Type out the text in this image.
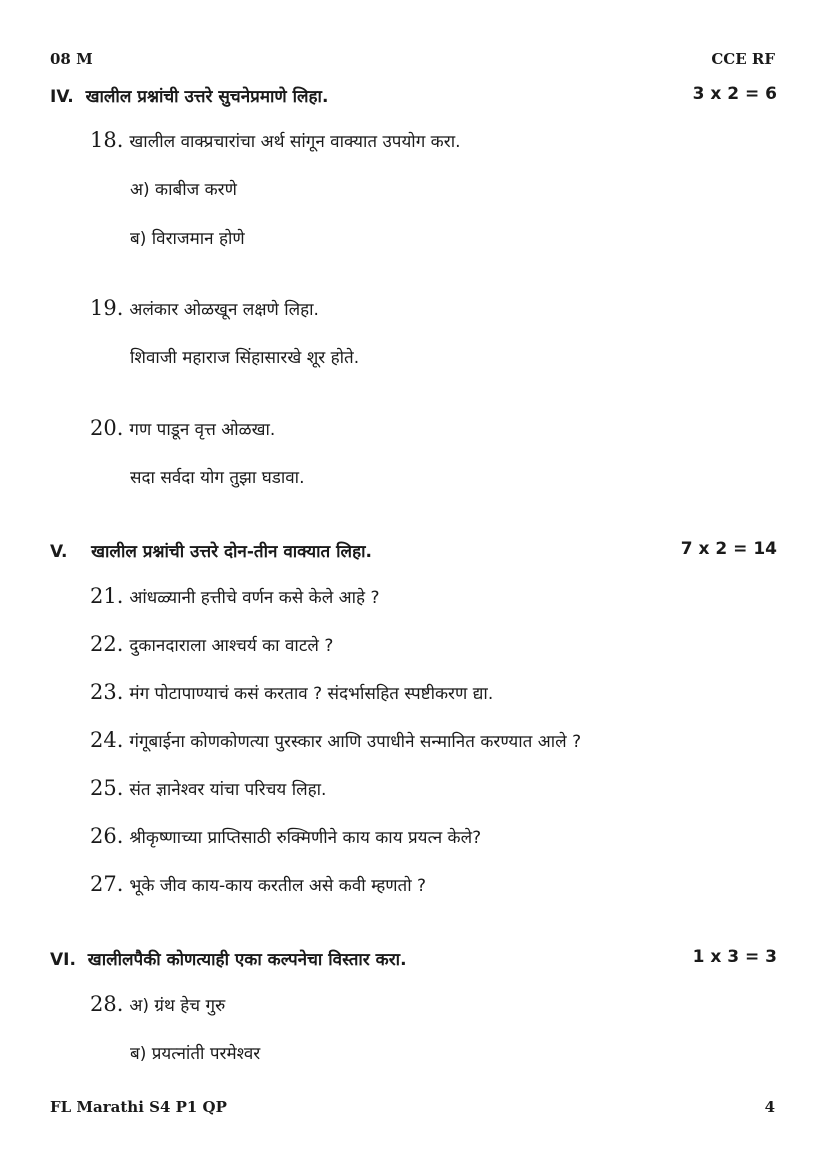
08 M	CCE RF
IV. खालील प्रश्नांची उत्तरे सुचनेप्रमाणे लिहा.	3 x 2 = 6
18. खालील वाक्प्रचारांचा अर्थ सांगून वाक्यात उपयोग करा.
अ) काबीज करणे
ब) विराजमान होणे
19. अलंकार ओळखून लक्षणे लिहा.
शिवाजी महाराज सिंहासारखे शूर होते.
20. गण पाडून वृत्त ओळखा.
सदा सर्वदा योग तुझा घडावा.
V. खालील प्रश्नांची उत्तरे दोन-तीन वाक्यात लिहा.	7 x 2 = 14
21. आंधळ्यानी हत्तीचे वर्णन कसे केले आहे ?
22. दुकानदाराला आश्चर्य का वाटले ?
23. मंग पोटापाण्याचं कसं करताव ? संदर्भासहित स्पष्टीकरण द्या.
24. गंगूबाईना कोणकोणत्या पुरस्कार आणि उपाधीने सन्मानित करण्यात आले ?
25. संत ज्ञानेश्वर यांचा परिचय लिहा.
26. श्रीकृष्णाच्या प्राप्तिसाठी रुक्मिणीने काय काय प्रयत्न केले?
27. भूके जीव काय-काय करतील असे कवी म्हणतो ?
VI. खालीलपैकी कोणत्याही एका कल्पनेचा विस्तार करा.	1 x 3 = 3
28. अ) ग्रंथ हेच गुरु
ब) प्रयत्नांती परमेश्वर
FL Marathi S4 P1 QP	4
